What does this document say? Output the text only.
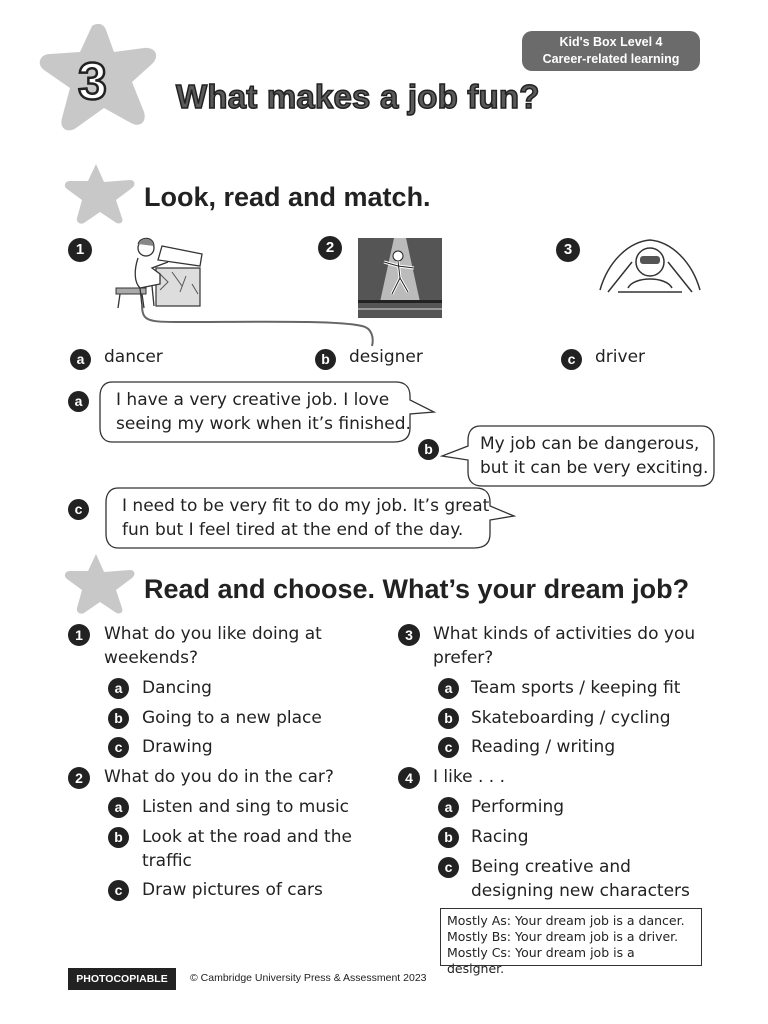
3 What makes a job fun?
Kid's Box Level 4
Career-related learning
Look, read and match.
1	2	3
a	dancer	b	designer	c	driver
a	I have a very creative job. I love
seeing my work when it’s finished.
b	My job can be dangerous,
but it can be very exciting.
c	I need to be very fit to do my job. It’s great
fun but I feel tired at the end of the day.
Read and choose. What’s your dream job?
1	What do you like doing at
weekends?
a	Dancing
b	Going to a new place
c	Drawing
2	What do you do in the car?
a	Listen and sing to music
b	Look at the road and the
traffic
c	Draw pictures of cars
3	What kinds of activities do you
prefer?
a	Team sports / keeping fit
b	Skateboarding / cycling
c	Reading / writing
4	I like . . .
a	Performing
b	Racing
c	Being creative and
designing new characters
Mostly As: Your dream job is a dancer.
Mostly Bs: Your dream job is a driver.
Mostly Cs: Your dream job is a designer.
PHOTOCOPIABLE	© Cambridge University Press & Assessment 2023
